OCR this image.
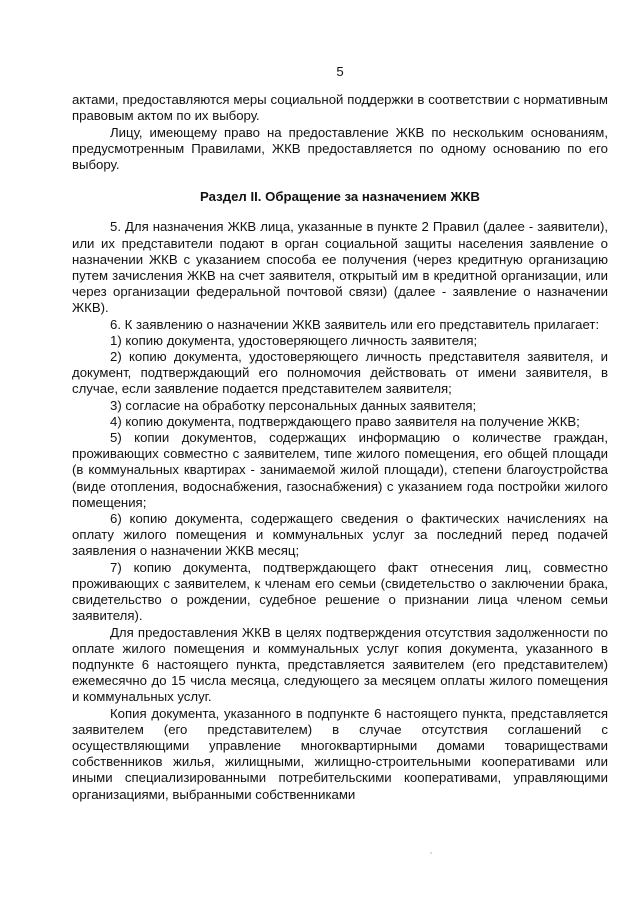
5

актами, предоставляются меры социальной поддержки в соответствии с нормативным правовым актом по их выбору.

Лицу, имеющему право на предоставление ЖКВ по нескольким основаниям, предусмотренным Правилами, ЖКВ предоставляется по одному основанию по его выбору.

Раздел II. Обращение за назначением ЖКВ

5. Для назначения ЖКВ лица, указанные в пункте 2 Правил (далее - заявители), или их представители подают в орган социальной защиты населения заявление о назначении ЖКВ с указанием способа ее получения (через кредитную организацию путем зачисления ЖКВ на счет заявителя, открытый им в кредитной организации, или через организации федеральной почтовой связи) (далее - заявление о назначении ЖКВ).

6. К заявлению о назначении ЖКВ заявитель или его представитель прилагает:

1) копию документа, удостоверяющего личность заявителя;

2) копию документа, удостоверяющего личность представителя заявителя, и документ, подтверждающий его полномочия действовать от имени заявителя, в случае, если заявление подается представителем заявителя;

3) согласие на обработку персональных данных заявителя;

4) копию документа, подтверждающего право заявителя на получение ЖКВ;

5) копии документов, содержащих информацию о количестве граждан, проживающих совместно с заявителем, типе жилого помещения, его общей площади (в коммунальных квартирах - занимаемой жилой площади), степени благоустройства (виде отопления, водоснабжения, газоснабжения) с указанием года постройки жилого помещения;

6) копию документа, содержащего сведения о фактических начислениях на оплату жилого помещения и коммунальных услуг за последний перед подачей заявления о назначении ЖКВ месяц;

7) копию документа, подтверждающего факт отнесения лиц, совместно проживающих с заявителем, к членам его семьи (свидетельство о заключении брака, свидетельство о рождении, судебное решение о признании лица членом семьи заявителя).

Для предоставления ЖКВ в целях подтверждения отсутствия задолженности по оплате жилого помещения и коммунальных услуг копия документа, указанного в подпункте 6 настоящего пункта, представляется заявителем (его представителем) ежемесячно до 15 числа месяца, следующего за месяцем оплаты жилого помещения и коммунальных услуг.

Копия документа, указанного в подпункте 6 настоящего пункта, представляется заявителем (его представителем) в случае отсутствия соглашений с осуществляющими управление многоквартирными домами товариществами собственников жилья, жилищными, жилищно-строительными кооперативами или иными специализированными потребительскими кооперативами, управляющими организациями, выбранными собственниками
